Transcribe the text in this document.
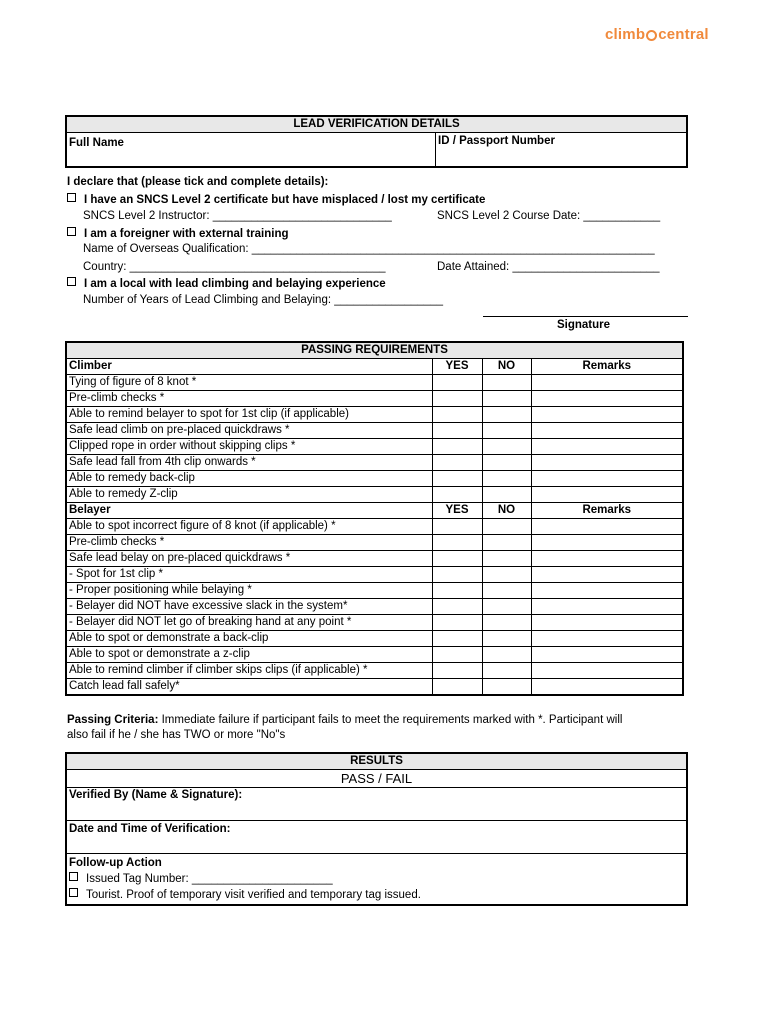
climb central
LEAD VERIFICATION DETAILS
Full Name	ID / Passport Number
I declare that (please tick and complete details):
I have an SNCS Level 2 certificate but have misplaced / lost my certificate
SNCS Level 2 Instructor: ____________________________	SNCS Level 2 Course Date: ____________
I am a foreigner with external training
Name of Overseas Qualification: _______________________________________________________________
Country: ________________________________________	Date Attained: _______________________
I am a local with lead climbing and belaying experience
Number of Years of Lead Climbing and Belaying: _________________
Signature
PASSING REQUIREMENTS			
Climber	YES	NO	Remarks
Tying of figure of 8 knot *			
Pre-climb checks *			
Able to remind belayer to spot for 1st clip (if applicable)			
Safe lead climb on pre-placed quickdraws *			
Clipped rope in order without skipping clips *			
Safe lead fall from 4th clip onwards *			
Able to remedy back-clip			
Able to remedy Z-clip			
Belayer	YES	NO	Remarks
Able to spot incorrect figure of 8 knot (if applicable) *			
Pre-climb checks *			
Safe lead belay on pre-placed quickdraws *			
- Spot for 1st clip *			
- Proper positioning while belaying *			
- Belayer did NOT have excessive slack in the system*			
- Belayer did NOT let go of breaking hand at any point *			
Able to spot or demonstrate a back-clip			
Able to spot or demonstrate a z-clip			
Able to remind climber if climber skips clips (if applicable) *			
Catch lead fall safely*			
Passing Criteria: Immediate failure if participant fails to meet the requirements marked with *. Participant will
also fail if he / she has TWO or more "No"s
RESULTS
PASS / FAIL
Verified By (Name & Signature):
Date and Time of Verification:
Follow-up Action
Issued Tag Number: ______________________
Tourist. Proof of temporary visit verified and temporary tag issued.
